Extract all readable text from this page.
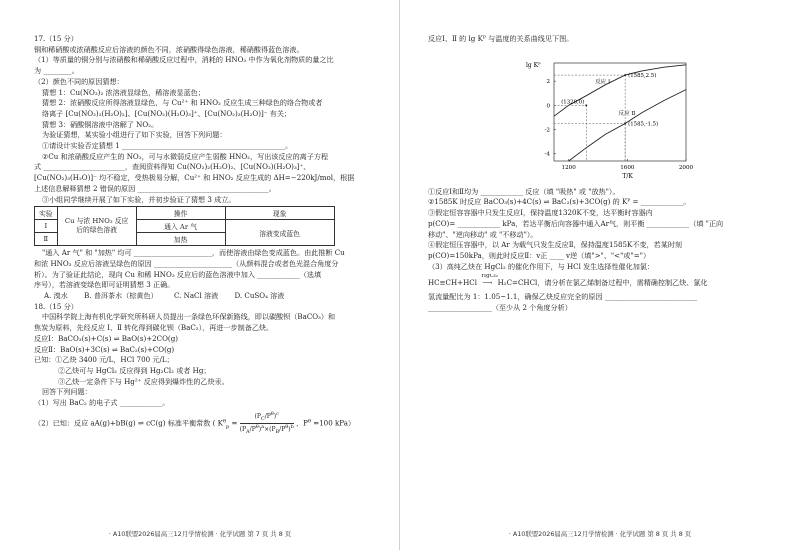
17.（15 分）
铜和稀硝酸或浓硝酸反应后溶液的颜色不同，浓硝酸得绿色溶液，稀硝酸得蓝色溶液。
（1）等质量的铜分别与浓硝酸和稀硝酸反应过程中，消耗的 HNO₃ 中作为氧化剂物质的量之比
为 ________。
（2）颜色不同的原因猜想：
猜想 1：Cu(NO₃)₂ 浓溶液显绿色，稀溶液显蓝色；
猜想 2：浓硝酸反应所得溶液显绿色，与 Cu²⁺ 和 HNO₂ 反应生成三种绿色的络合物或者
络离子 [Cu(NO₂)₂(H₂O)₂]、[Cu(NO₂)(H₂O)₃]⁺、[Cu(NO₂)₃(H₂O)]⁻ 有关；
猜想 3：硝酸铜溶液中溶解了 NO₂。
为验证猜想，某实验小组进行了如下实验，回答下列问题：
①请设计实验否定猜想 1 ______________________________________________。
②Cu 和浓硝酸反应产生的 NO₂，可与水微弱反应产生弱酸 HNO₂，写出该反应的离子方程
式 _______________________，查阅资料得知 Cu(NO₂)₂(H₂O)₂、[Cu(NO₂)(H₂O)₃]⁺、
[Cu(NO₂)₃(H₂O)]⁻ 均不稳定，受热极易分解，Cu²⁺ 和 HNO₂ 反应生成的 ΔH=−220kJ/mol，根据
上述信息解释猜想 2 错误的原因 _____________________________________。
③小组同学继续开展了如下实验，并初步验证了猜想 3 成立。
实验	Cu 与浓 HNO₃ 反应后的绿色溶液	操作	现象
Ⅰ		通入 Ar 气	溶液变成蓝色
Ⅱ		加热	
"通入 Ar 气" 和 "加热" 均可 ______________________，而使溶液由绿色变成蓝色。由此推断 Cu
和浓 HNO₃ 反应后溶液呈绿色的原因 ______________________（从颜料混合或者色光混合角度分
析）。为了验证此结论，现向 Cu 和稀 HNO₃ 反应后的蓝色溶液中加入 ____________（选填
序号），若溶液变绿色即可证明猜想 3 正确。
A. 溴水 B. 普洱茶水（棕黄色） C. NaCl 溶液 D. CuSO₄ 溶液
18.（15 分）
中国科学院上海有机化学研究所科研人员提出一条绿色环保新路线，即以碳酸钡（BaCO₃）和
焦炭为原料，先经反应 Ⅰ、Ⅱ 转化得到碳化钡（BaC₂），再进一步制备乙炔。
反应Ⅰ：BaCO₃(s)+C(s) ⇌ BaO(s)+2CO(g)
反应Ⅱ：BaO(s)+3C(s) ⇌ BaC₂(s)+CO(g)
已知：①乙炔 3400 元/L，HCl 700 元/L；
②乙炔可与 HgCl₂ 反应得到 Hg₂Cl₂ 或者 Hg；
③乙炔一定条件下与 Hg²⁺ 反应得到爆炸性的乙炔汞。
回答下列问题：
（1）写出 BaC₂ 的电子式 ____________。
（2）已知：反应 aA(g)+bB(g) ⇌ cC(g) 标准平衡常数 ( $K^\theta_p = \frac{(P_C/P^\theta)^c}{(P_A/P^\theta)^a\times(P_B/P^\theta)^b}$ ，$P^\theta =100$ kPa）
· A10联盟2026届高三12月学情检测 · 化学试题 第 7 页 共 8 页
反应Ⅰ、Ⅱ 的 lg Kᴾ 与温度的关系曲线见下图。
lg Kᴾ
T/K
1200	1600	2000
2
0
-2
-4
(1320,0)
(1585,2.5)
(1585,-1.5)
反应 Ⅰ
反应 Ⅱ
①反应Ⅰ和Ⅱ均为 ____________ 反应（填 "吸热" 或 "放热"）。
②1585K 时反应 BaCO₃(s)+4C(s) ⇌ BaC₂(s)+3CO(g) 的 Kᴾ = ____________。
③假定恒容容器中只发生反应Ⅰ，保持温度1320K不变，达平衡时容器内
p(CO)= ____________ kPa，若达平衡后向容器中通入Ar气，则平衡 ____________（填 "正向
移动"、"逆向移动" 或 "不移动"）。
④假定恒压容器中，以 Ar 为载气只发生反应Ⅱ，保持温度1585K不变，若某时刻
p(CO)=150kPa，则此时反应Ⅱ：v正 ____ v逆（填">"、"<"或"="）
（3）高纯乙炔在 HgCl₂ 的催化作用下，与 HCl 发生选择性催化加氯：
HC≡CH+HCl
HgCl₂
⟶ H₂C=CHCl，请分析在氯乙烯制备过程中，需精确控制乙炔、氯化
氢流量配比为 1：1.05~1.1，确保乙炔反应完全的原因 __________________________
__________________（至少从 2 个角度分析）
· A10联盟2026届高三12月学情检测 · 化学试题 第 8 页 共 8 页
